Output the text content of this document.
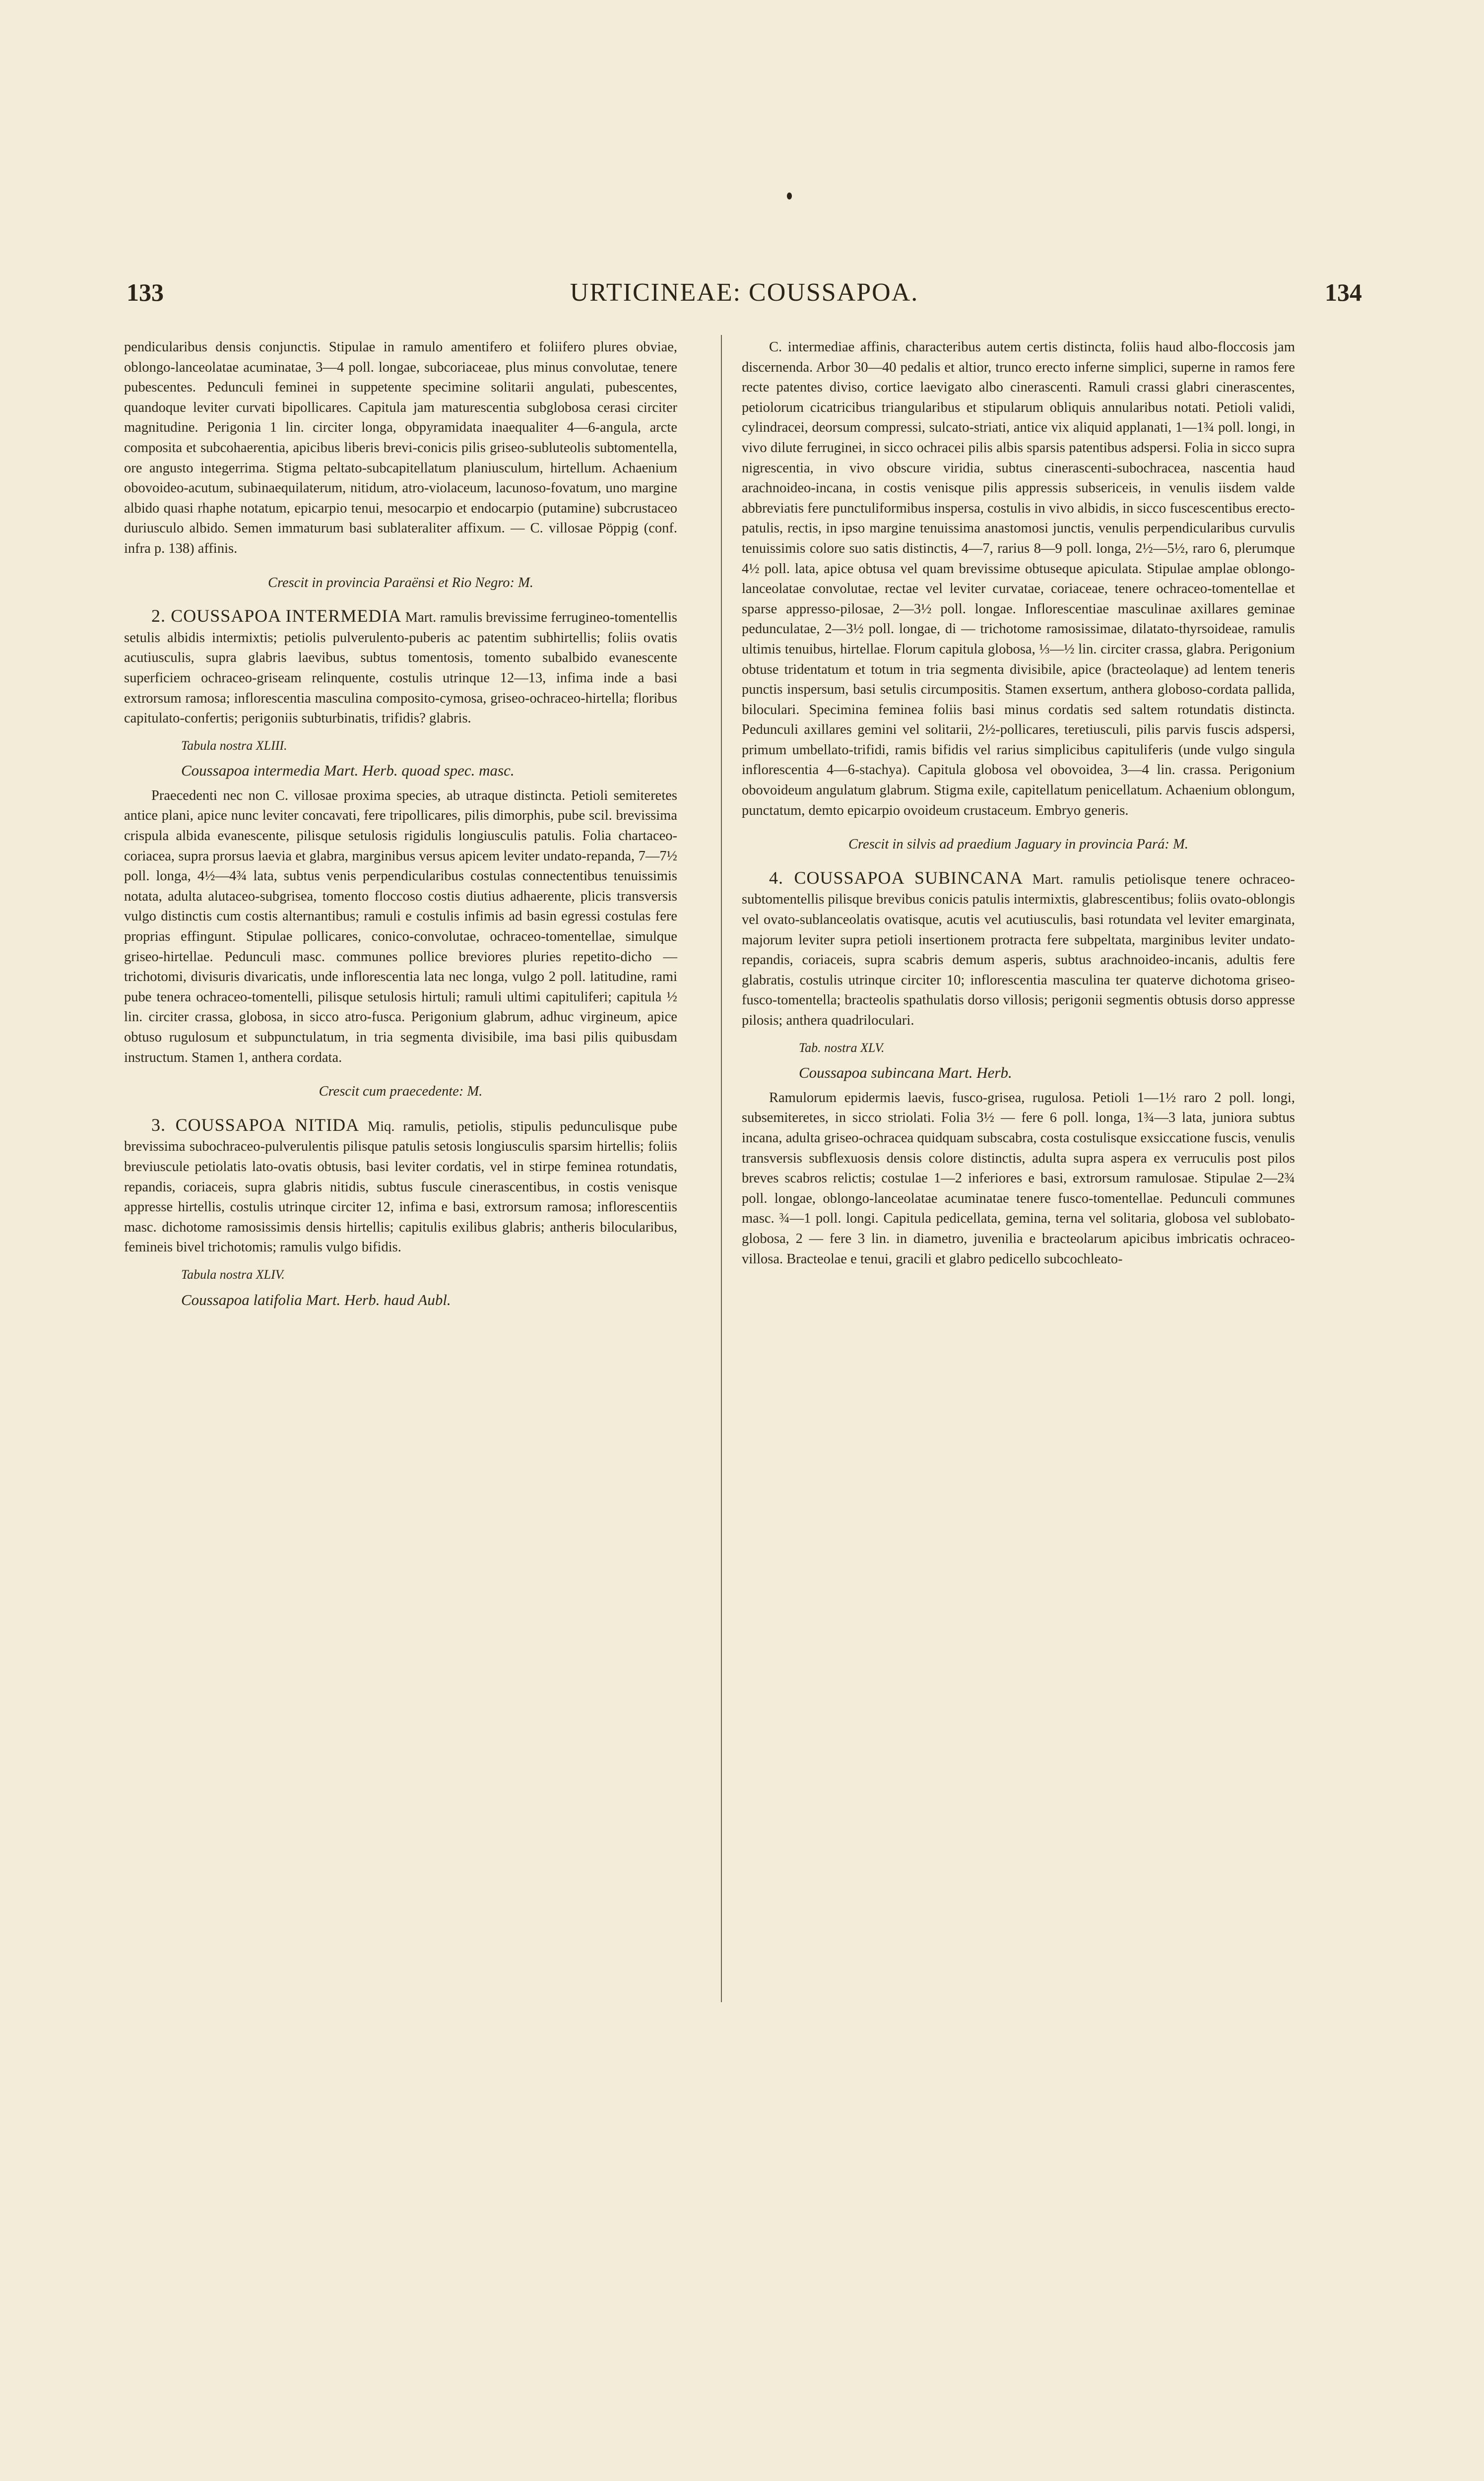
133	URTICINEAE: COUSSAPOA.	134

pendicularibus densis conjunctis. Stipulae in ramulo amentifero et foliifero plures obviae, oblongo-lanceolatae acuminatae, 3—4 poll. longae, subcoriaceae, plus minus convolutae, tenere pubescentes. Pedunculi feminei in suppetente specimine solitarii angulati, pubescentes, quandoque leviter curvati bipollicares. Capitula jam maturescentia subglobosa cerasi circiter magnitudine. Perigonia 1 lin. circiter longa, obpyramidata inaequaliter 4—6-angula, arcte composita et subcohaerentia, apicibus liberis brevi-conicis pilis griseo-subluteolis subtomentella, ore angusto integerrima. Stigma peltato-subcapitellatum planiusculum, hirtellum. Achaenium obovoideo-acutum, subinaequilaterum, nitidum, atro-violaceum, lacunoso-fovatum, uno margine albido quasi rhaphe notatum, epicarpio tenui, mesocarpio et endocarpio (putamine) subcrustaceo duriusculo albido. Semen immaturum basi sublateraliter affixum. — C. villosae Pöppig (conf. infra p. 138) affinis.

Crescit in provincia Paraënsi et Rio Negro: M.

2. COUSSAPOA INTERMEDIA Mart. ramulis brevissime ferrugineo-tomentellis setulis albidis intermixtis; petiolis pulverulento-puberis ac patentim subhirtellis; foliis ovatis acutiusculis, supra glabris laevibus, subtus tomentosis, tomento subalbido evanescente superficiem ochraceo-griseam relinquente, costulis utrinque 12—13, infima inde a basi extrorsum ramosa; inflorescentia masculina composito-cymosa, griseo-ochraceo-hirtella; floribus capitulato-confertis; perigoniis subturbinatis, trifidis? glabris.

Tabula nostra XLIII.

Coussapoa intermedia Mart. Herb. quoad spec. masc.

Praecedenti nec non C. villosae proxima species, ab utraque distincta. Petioli semiteretes antice plani, apice nunc leviter concavati, fere tripollicares, pilis dimorphis, pube scil. brevissima crispula albida evanescente, pilisque setulosis rigidulis longiusculis patulis. Folia chartaceo-coriacea, supra prorsus laevia et glabra, marginibus versus apicem leviter undato-repanda, 7—7½ poll. longa, 4½—4¾ lata, subtus venis perpendicularibus costulas connectentibus tenuissimis notata, adulta alutaceo-subgrisea, tomento floccoso costis diutius adhaerente, plicis transversis vulgo distinctis cum costis alternantibus; ramuli e costulis infimis ad basin egressi costulas fere proprias effingunt. Stipulae pollicares, conico-convolutae, ochraceo-tomentellae, simulque griseo-hirtellae. Pedunculi masc. communes pollice breviores pluries repetito-dicho — trichotomi, divisuris divaricatis, unde inflorescentia lata nec longa, vulgo 2 poll. latitudine, rami pube tenera ochraceo-tomentelli, pilisque setulosis hirtuli; ramuli ultimi capituliferi; capitula ½ lin. circiter crassa, globosa, in sicco atro-fusca. Perigonium glabrum, adhuc virgineum, apice obtuso rugulosum et subpunctulatum, in tria segmenta divisibile, ima basi pilis quibusdam instructum. Stamen 1, anthera cordata.

Crescit cum praecedente: M.

3. COUSSAPOA NITIDA Miq. ramulis, petiolis, stipulis pedunculisque pube brevissima subochraceo-pulverulentis pilisque patulis setosis longiusculis sparsim hirtellis; foliis breviuscule petiolatis lato-ovatis obtusis, basi leviter cordatis, vel in stirpe feminea rotundatis, repandis, coriaceis, supra glabris nitidis, subtus fuscule cinerascentibus, in costis venisque appresse hirtellis, costulis utrinque circiter 12, infima e basi, extrorsum ramosa; inflorescentiis masc. dichotome ramosissimis densis hirtellis; capitulis exilibus glabris; antheris bilocularibus, femineis bivel trichotomis; ramulis vulgo bifidis.

Tabula nostra XLIV.

Coussapoa latifolia Mart. Herb. haud Aubl.

C. intermediae affinis, characteribus autem certis distincta, foliis haud albo-floccosis jam discernenda. Arbor 30—40 pedalis et altior, trunco erecto inferne simplici, superne in ramos fere recte patentes diviso, cortice laevigato albo cinerascenti. Ramuli crassi glabri cinerascentes, petiolorum cicatricibus triangularibus et stipularum obliquis annularibus notati. Petioli validi, cylindracei, deorsum compressi, sulcato-striati, antice vix aliquid applanati, 1—1¾ poll. longi, in vivo dilute ferruginei, in sicco ochracei pilis albis sparsis patentibus adspersi. Folia in sicco supra nigrescentia, in vivo obscure viridia, subtus cinerascenti-subochracea, nascentia haud arachnoideo-incana, in costis venisque pilis appressis subsericeis, in venulis iisdem valde abbreviatis fere punctuliformibus inspersa, costulis in vivo albidis, in sicco fuscescentibus erecto-patulis, rectis, in ipso margine tenuissima anastomosi junctis, venulis perpendicularibus curvulis tenuissimis colore suo satis distinctis, 4—7, rarius 8—9 poll. longa, 2½—5½, raro 6, plerumque 4½ poll. lata, apice obtusa vel quam brevissime obtuseque apiculata. Stipulae amplae oblongo-lanceolatae convolutae, rectae vel leviter curvatae, coriaceae, tenere ochraceo-tomentellae et sparse appresso-pilosae, 2—3½ poll. longae. Inflorescentiae masculinae axillares geminae pedunculatae, 2—3½ poll. longae, di — trichotome ramosissimae, dilatato-thyrsoideae, ramulis ultimis tenuibus, hirtellae. Florum capitula globosa, ⅓—½ lin. circiter crassa, glabra. Perigonium obtuse tridentatum et totum in tria segmenta divisibile, apice (bracteolaque) ad lentem teneris punctis inspersum, basi setulis circumpositis. Stamen exsertum, anthera globoso-cordata pallida, biloculari. Specimina feminea foliis basi minus cordatis sed saltem rotundatis distincta. Pedunculi axillares gemini vel solitarii, 2½-pollicares, teretiusculi, pilis parvis fuscis adspersi, primum umbellato-trifidi, ramis bifidis vel rarius simplicibus capituliferis (unde vulgo singula inflorescentia 4—6-stachya). Capitula globosa vel obovoidea, 3—4 lin. crassa. Perigonium obovoideum angulatum glabrum. Stigma exile, capitellatum penicellatum. Achaenium oblongum, punctatum, demto epicarpio ovoideum crustaceum. Embryo generis.

Crescit in silvis ad praedium Jaguary in provincia Pará: M.

4. COUSSAPOA SUBINCANA Mart. ramulis petiolisque tenere ochraceo-subtomentellis pilisque brevibus conicis patulis intermixtis, glabrescentibus; foliis ovato-oblongis vel ovato-sublanceolatis ovatisque, acutis vel acutiusculis, basi rotundata vel leviter emarginata, majorum leviter supra petioli insertionem protracta fere subpeltata, marginibus leviter undato-repandis, coriaceis, supra scabris demum asperis, subtus arachnoideo-incanis, adultis fere glabratis, costulis utrinque circiter 10; inflorescentia masculina ter quaterve dichotoma griseo-fusco-tomentella; bracteolis spathulatis dorso villosis; perigonii segmentis obtusis dorso appresse pilosis; anthera quadriloculari.

Tab. nostra XLV.

Coussapoa subincana Mart. Herb.

Ramulorum epidermis laevis, fusco-grisea, rugulosa. Petioli 1—1½ raro 2 poll. longi, subsemiteretes, in sicco striolati. Folia 3½ — fere 6 poll. longa, 1¾—3 lata, juniora subtus incana, adulta griseo-ochracea quidquam subscabra, costa costulisque exsiccatione fuscis, venulis transversis subflexuosis densis colore distinctis, adulta supra aspera ex verruculis post pilos breves scabros relictis; costulae 1—2 inferiores e basi, extrorsum ramulosae. Stipulae 2—2¾ poll. longae, oblongo-lanceolatae acuminatae tenere fusco-tomentellae. Pedunculi communes masc. ¾—1 poll. longi. Capitula pedicellata, gemina, terna vel solitaria, globosa vel sublobato-globosa, 2 — fere 3 lin. in diametro, juvenilia e bracteolarum apicibus imbricatis ochraceo-villosa. Bracteolae e tenui, gracili et glabro pedicello subcochleato-
